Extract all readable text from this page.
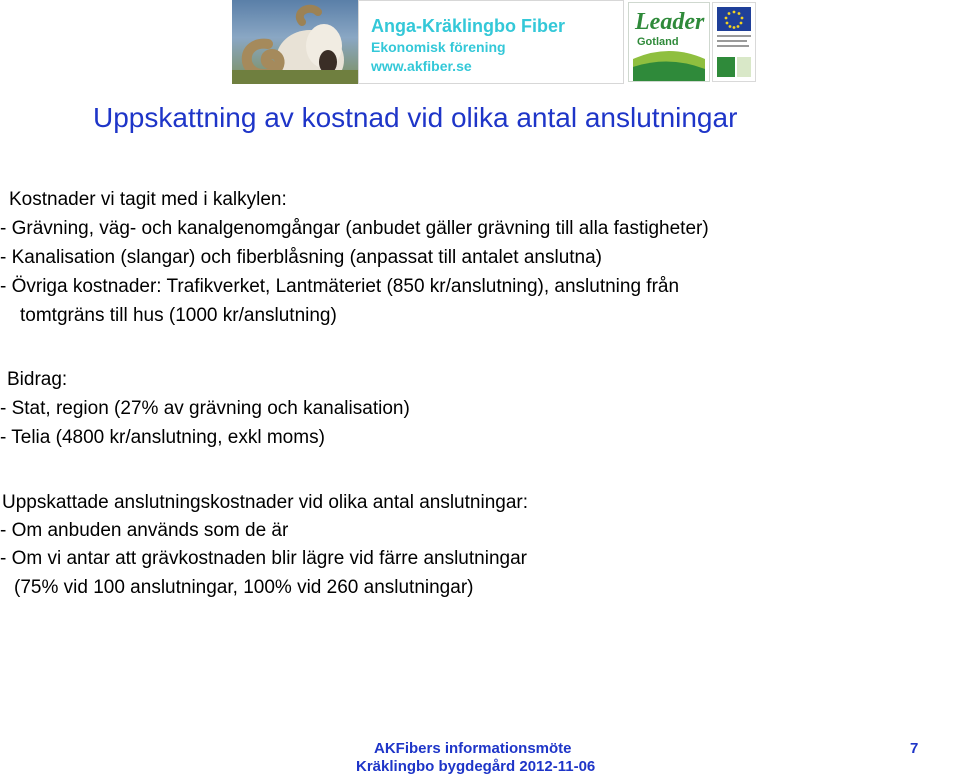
Anga-Kräklingbo Fiber
Ekonomisk förening
www.akfiber.se
Leader
Gotland
Uppskattning av kostnad vid olika antal anslutningar
Kostnader vi tagit med i kalkylen:
- Grävning, väg- och kanalgenomgångar (anbudet gäller grävning till alla fastigheter)
- Kanalisation (slangar) och fiberblåsning (anpassat till antalet anslutna)
- Övriga kostnader: Trafikverket, Lantmäteriet (850 kr/anslutning), anslutning från
tomtgräns till hus (1000 kr/anslutning)
Bidrag:
- Stat, region (27% av grävning och kanalisation)
- Telia (4800 kr/anslutning, exkl moms)
Uppskattade anslutningskostnader vid olika antal anslutningar:
- Om anbuden används som de är
- Om vi antar att grävkostnaden blir lägre vid färre anslutningar
(75% vid 100 anslutningar, 100% vid 260 anslutningar)
AKFibers informationsmöte
Kräklingbo bygdegård 2012-11-06
7
